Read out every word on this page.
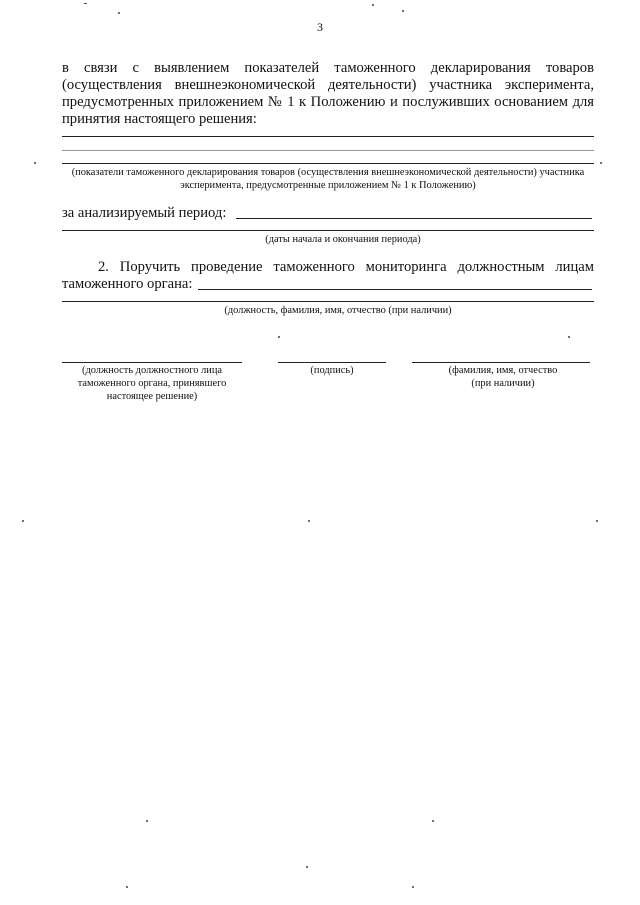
3
в связи с выявлением показателей таможенного декларирования товаров (осуществления внешнеэкономической деятельности) участника эксперимента, предусмотренных приложением № 1 к Положению и послуживших основанием для принятия настоящего решения:
(показатели таможенного декларирования товаров (осуществления внешнеэкономической деятельности) участника эксперимента, предусмотренные приложением № 1 к Положению)
за анализируемый период:
(даты начала и окончания периода)
2. Поручить проведение таможенного мониторинга должностным лицам
таможенного органа:
(должность, фамилия, имя, отчество (при наличии)
(должность должностного лица таможенного органа, принявшего настоящее решение)
(подпись)	(фамилия, имя, отчество (при наличии)
